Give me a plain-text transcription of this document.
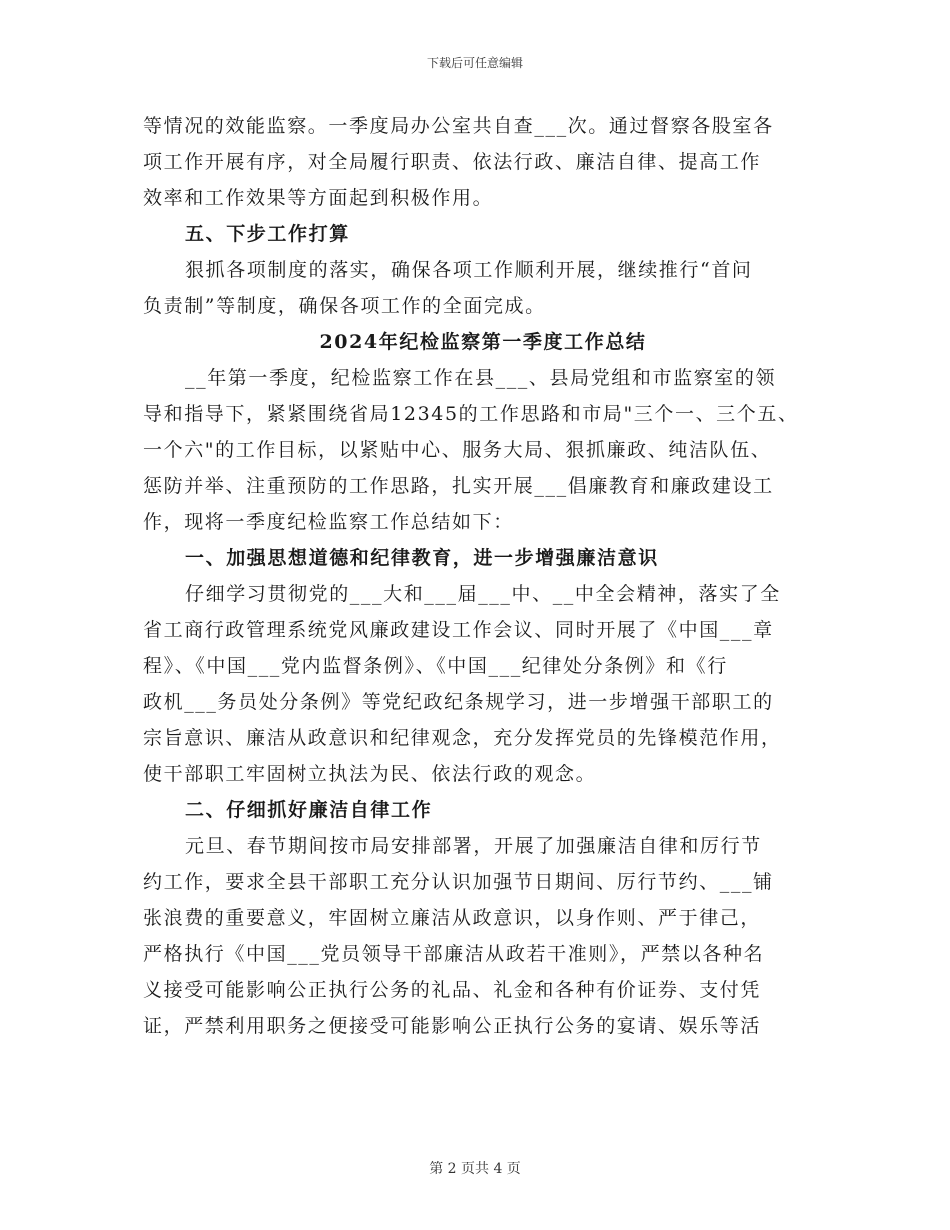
下载后可任意编辑
等情况的效能监察。一季度局办公室共自查___次。通过督察各股室各
项工作开展有序，对全局履行职责、依法行政、廉洁自律、提高工作
效率和工作效果等方面起到积极作用。
五、下步工作打算
狠抓各项制度的落实，确保各项工作顺利开展，继续推行“首问
负责制”等制度，确保各项工作的全面完成。
2024年纪检监察第一季度工作总结
__年第一季度，纪检监察工作在县___、县局党组和市监察室的领
导和指导下，紧紧围绕省局12345的工作思路和市局"三个一、三个五、
一个六"的工作目标，以紧贴中心、服务大局、狠抓廉政、纯洁队伍、
惩防并举、注重预防的工作思路，扎实开展___倡廉教育和廉政建设工
作，现将一季度纪检监察工作总结如下：
一、加强思想道德和纪律教育，进一步增强廉洁意识
仔细学习贯彻党的___大和___届___中、__中全会精神，落实了全
省工商行政管理系统党风廉政建设工作会议、同时开展了《中国___章
程》、《中国___党内监督条例》、《中国___纪律处分条例》和《行
政机___务员处分条例》等党纪政纪条规学习，进一步增强干部职工的
宗旨意识、廉洁从政意识和纪律观念，充分发挥党员的先锋模范作用，
使干部职工牢固树立执法为民、依法行政的观念。
二、仔细抓好廉洁自律工作
元旦、春节期间按市局安排部署，开展了加强廉洁自律和厉行节
约工作，要求全县干部职工充分认识加强节日期间、厉行节约、___铺
张浪费的重要意义，牢固树立廉洁从政意识，以身作则、严于律己，
严格执行《中国___党员领导干部廉洁从政若干准则》，严禁以各种名
义接受可能影响公正执行公务的礼品、礼金和各种有价证券、支付凭
证，严禁利用职务之便接受可能影响公正执行公务的宴请、娱乐等活
第 2 页共 4 页
